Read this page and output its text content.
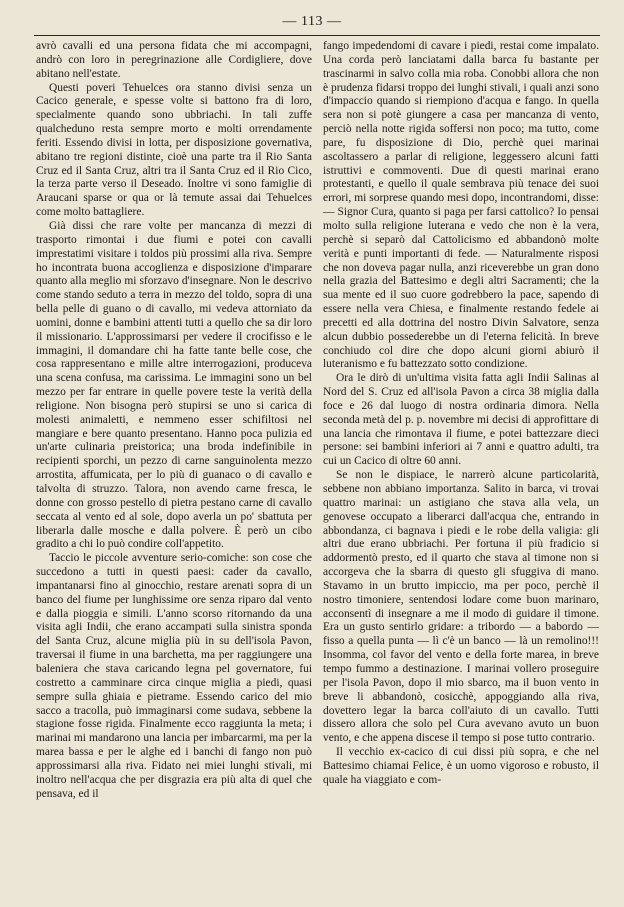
— 113 —

avrò cavalli ed una persona fidata che mi accompagni, andrò con loro in peregrinazione alle Cordigliere, dove abitano nell'estate.

Questi poveri Tehuelces ora stanno divisi senza un Cacico generale, e spesse volte si battono fra di loro, specialmente quando sono ubbriachi. In tali zuffe qualcheduno resta sempre morto e molti orrendamente feriti. Essendo divisi in lotta, per disposizione governativa, abitano tre regioni distinte, cioè una parte tra il Rio Santa Cruz ed il Santa Cruz, altri tra il Santa Cruz ed il Rio Cico, la terza parte verso il Deseado. Inoltre vi sono famiglie di Araucani sparse or qua or là temute assai dai Tehuelces come molto battagliere.

Già dissi che rare volte per mancanza di mezzi di trasporto rimontai i due fiumi e potei con cavalli imprestatimi visitare i toldos più prossimi alla riva. Sempre ho incontrata buona accoglienza e disposizione d'imparare quanto alla meglio mi sforzavo d'insegnare. Non le descrivo come stando seduto a terra in mezzo del toldo, sopra di una bella pelle di guano o di cavallo, mi vedeva attorniato da uomini, donne e bambini attenti tutti a quello che sa dir loro il missionario. L'approssimarsi per vedere il crocifisso e le immagini, il domandare chi ha fatte tante belle cose, che cosa rappresentano e mille altre interrogazioni, produceva una scena confusa, ma carissima. Le immagini sono un bel mezzo per far entrare in quelle povere teste la verità della religione. Non bisogna però stupirsi se uno si carica di molesti animaletti, e nemmeno esser schifiltosi nel mangiare e bere quanto presentano. Hanno poca pulizia ed un'arte culinaria preistorica; una broda indefinibile in recipienti sporchi, un pezzo di carne sanguinolenta mezzo arrostita, affumicata, per lo più di guanaco o di cavallo e talvolta di struzzo. Talora, non avendo carne fresca, le donne con grosso pestello di pietra pestano carne di cavallo seccata al vento ed al sole, dopo averla un po' sbattuta per liberarla dalle mosche e dalla polvere. È però un cibo gradito a chi lo può condire coll'appetito.

Taccio le piccole avventure serio-comiche: son cose che succedono a tutti in questi paesi: cader da cavallo, impantanarsi fino al ginocchio, restare arenati sopra di un banco del fiume per lunghissime ore senza riparo dal vento e dalla pioggia e simili. L'anno scorso ritornando da una visita agli Indii, che erano accampati sulla sinistra sponda del Santa Cruz, alcune miglia più in su dell'isola Pavon, traversai il fiume in una barchetta, ma per raggiungere una baleniera che stava caricando legna pel governatore, fui costretto a camminare circa cinque miglia a piedi, quasi sempre sulla ghiaia e pietrame. Essendo carico del mio sacco a tracolla, può immaginarsi come sudava, sebbene la stagione fosse rigida. Finalmente ecco raggiunta la meta; i marinai mi mandarono una lancia per imbarcarmi, ma per la marea bassa e per le alghe ed i banchi di fango non può approssimarsi alla riva. Fidato nei miei lunghi stivali, mi inoltro nell'acqua che per disgrazia era più alta di quel che pensava, ed il

fango impedendomi di cavare i piedi, restai come impalato. Una corda però lanciatami dalla barca fu bastante per trascinarmi in salvo colla mia roba. Conobbi allora che non è prudenza fidarsi troppo dei lunghi stivali, i quali anzi sono d'impaccio quando si riempiono d'acqua e fango. In quella sera non si potè giungere a casa per mancanza di vento, perciò nella notte rigida soffersi non poco; ma tutto, come pare, fu disposizione di Dio, perchè quei marinai ascoltassero a parlar di religione, leggessero alcuni fatti istruttivi e commoventi. Due di questi marinai erano protestanti, e quello il quale sembrava più tenace dei suoi errori, mi sorprese quando mesi dopo, incontrandomi, disse: — Signor Cura, quanto si paga per farsi cattolico? Io pensai molto sulla religione luterana e vedo che non è la vera, perchè si separò dal Cattolicismo ed abbandonò molte verità e punti importanti di fede. — Naturalmente risposi che non doveva pagar nulla, anzi riceverebbe un gran dono nella grazia del Battesimo e degli altri Sacramenti; che la sua mente ed il suo cuore godrebbero la pace, sapendo di essere nella vera Chiesa, e finalmente restando fedele ai precetti ed alla dottrina del nostro Divin Salvatore, senza alcun dubbio possederebbe un di l'eterna felicità. In breve conchiudo col dire che dopo alcuni giorni abiurò il luteranismo e fu battezzato sotto condizione.

Ora le dirò di un'ultima visita fatta agli Indii Salinas al Nord del S. Cruz ed all'isola Pavon a circa 38 miglia dalla foce e 26 dal luogo di nostra ordinaria dimora. Nella seconda metà del p. p. novembre mi decisi di approfittare di una lancia che rimontava il fiume, e potei battezzare dieci persone: sei bambini inferiori ai 7 anni e quattro adulti, tra cui un Cacico di oltre 60 anni.

Se non le dispiace, le narrerò alcune particolarità, sebbene non abbiano importanza. Salito in barca, vi trovai quattro marinai: un astigiano che stava alla vela, un genovese occupato a liberarci dall'acqua che, entrando in abbondanza, ci bagnava i piedi e le robe della valigia: gli altri due erano ubbriachi. Per fortuna il più fradicio si addormentò presto, ed il quarto che stava al timone non si accorgeva che la sbarra di questo gli sfuggiva di mano. Stavamo in un brutto impiccio, ma per poco, perchè il nostro timoniere, sentendosi lodare come buon marinaro, acconsentì di insegnare a me il modo di guidare il timone. Era un gusto sentirlo gridare: a tribordo — a babordo — fisso a quella punta — lì c'è un banco — là un remolino!!! Insomma, col favor del vento e della forte marea, in breve tempo fummo a destinazione. I marinai vollero proseguire per l'isola Pavon, dopo il mio sbarco, ma il buon vento in breve li abbandonò, cosicchè, appoggiando alla riva, dovettero legar la barca coll'aiuto di un cavallo. Tutti dissero allora che solo pel Cura avevano avuto un buon vento, e che appena discese il tempo si pose tutto contrario.

Il vecchio ex-cacico di cui dissi più sopra, e che nel Battesimo chiamai Felice, è un uomo vigoroso e robusto, il quale ha viaggiato e com-
